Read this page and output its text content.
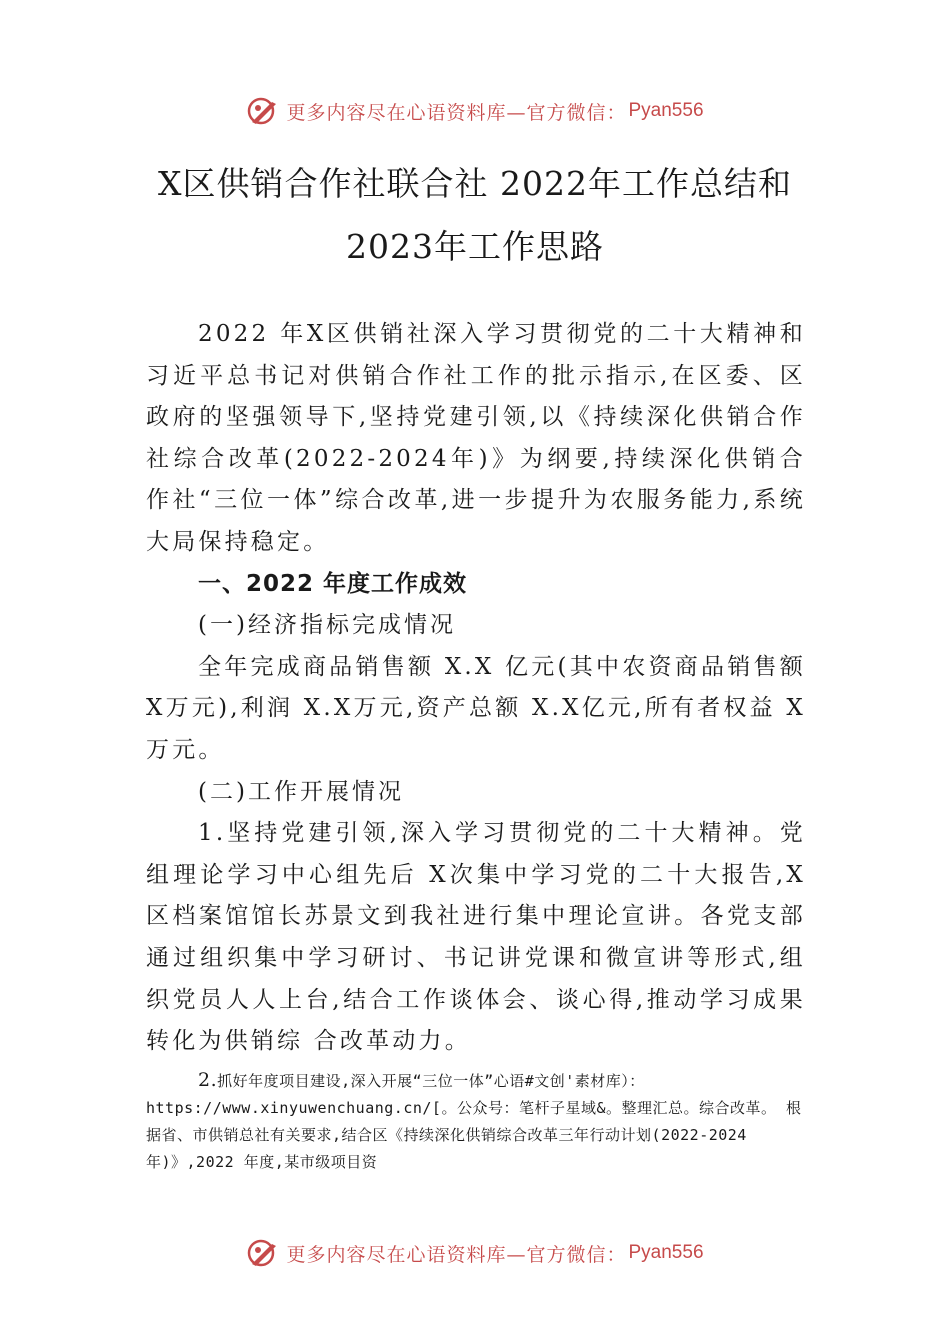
更多内容尽在心语资料库—官方微信： Pyan556
X区供销合作社联合社 2022年工作总结和
2023年工作思路

2022 年X区供销社深入学习贯彻党的二十大精神和习近平总书记对供销合作社工作的批示指示,在区委、区政府的坚强领导下,坚持党建引领,以《持续深化供销合作社综合改革(2022-2024年)》为纲要,持续深化供销合作社“三位一体”综合改革,进一步提升为农服务能力,系统大局保持稳定。

一、2022 年度工作成效

(一)经济指标完成情况

全年完成商品销售额 X.X 亿元(其中农资商品销售额 X万元),利润 X.X万元,资产总额 X.X亿元,所有者权益 X万元。

(二)工作开展情况

1.坚持党建引领,深入学习贯彻党的二十大精神。党组理论学习中心组先后 X次集中学习党的二十大报告,X区档案馆馆长苏景文到我社进行集中理论宣讲。各党支部通过组织集中学习研讨、书记讲党课和微宣讲等形式,组织党员人人上台,结合工作谈体会、谈心得,推动学习成果转化为供销综 合改革动力。

2.抓好年度项目建设,深入开展“三位一体”心语#文创'素材库）：https://www.xinyuwenchuang.cn/[。公众号：笔杆子星域&。整理汇总。综合改革。 根据省、市供销总社有关要求,结合区《持续深化供销综合改革三年行动计划(2022-2024年)》,2022 年度,某市级项目资

更多内容尽在心语资料库—官方微信： Pyan556
